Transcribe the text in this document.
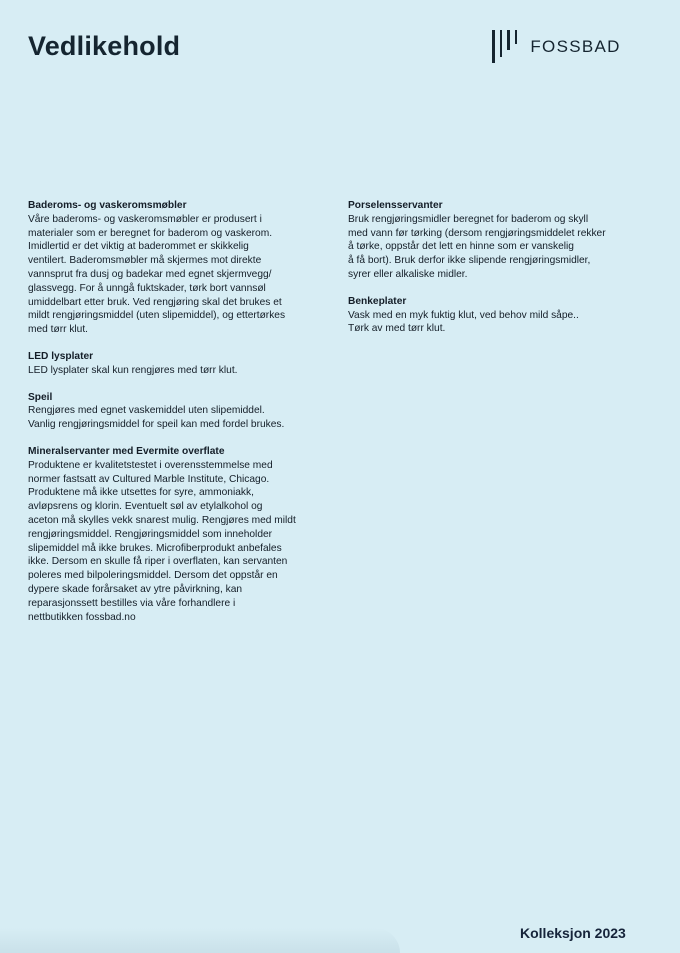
Vedlikehold	FOSSBAD
Baderoms- og vaskeromsmøbler

Våre baderoms- og vaskeromsmøbler er produsert i
materialer som er beregnet for baderom og vaskerom.
Imidlertid er det viktig at baderommet er skikkelig
ventilert. Baderomsmøbler må skjermes mot direkte
vannsprut fra dusj og badekar med egnet skjermvegg/
glassvegg. For å unngå fuktskader, tørk bort vannsøl
umiddelbart etter bruk. Ved rengjøring skal det brukes et
mildt rengjøringsmiddel (uten slipemiddel), og ettertørkes
med tørr klut.

LED lysplater

LED lysplater skal kun rengjøres med tørr klut.

Speil

Rengjøres med egnet vaskemiddel uten slipemiddel.
Vanlig rengjøringsmiddel for speil kan med fordel brukes.

Mineralservanter med Evermite overflate

Produktene er kvalitetstestet i overensstemmelse med
normer fastsatt av Cultured Marble Institute, Chicago.
Produktene må ikke utsettes for syre, ammoniakk,
avløpsrens og klorin. Eventuelt søl av etylalkohol og
aceton må skylles vekk snarest mulig. Rengjøres med mildt
rengjøringsmiddel. Rengjøringsmiddel som inneholder
slipemiddel må ikke brukes. Microfiberprodukt anbefales
ikke. Dersom en skulle få riper i overflaten, kan servanten
poleres med bilpoleringsmiddel. Dersom det oppstår en
dypere skade forårsaket av ytre påvirkning, kan
reparasjonssett bestilles via våre forhandlere i
nettbutikken fossbad.no

Porselensservanter

Bruk rengjøringsmidler beregnet for baderom og skyll
med vann før tørking (dersom rengjøringsmiddelet rekker
å tørke, oppstår det lett en hinne som er vanskelig
å få bort). Bruk derfor ikke slipende rengjøringsmidler,
syrer eller alkaliske midler.

Benkeplater

Vask med en myk fuktig klut, ved behov mild såpe..
Tørk av med tørr klut.

Kolleksjon 2023
